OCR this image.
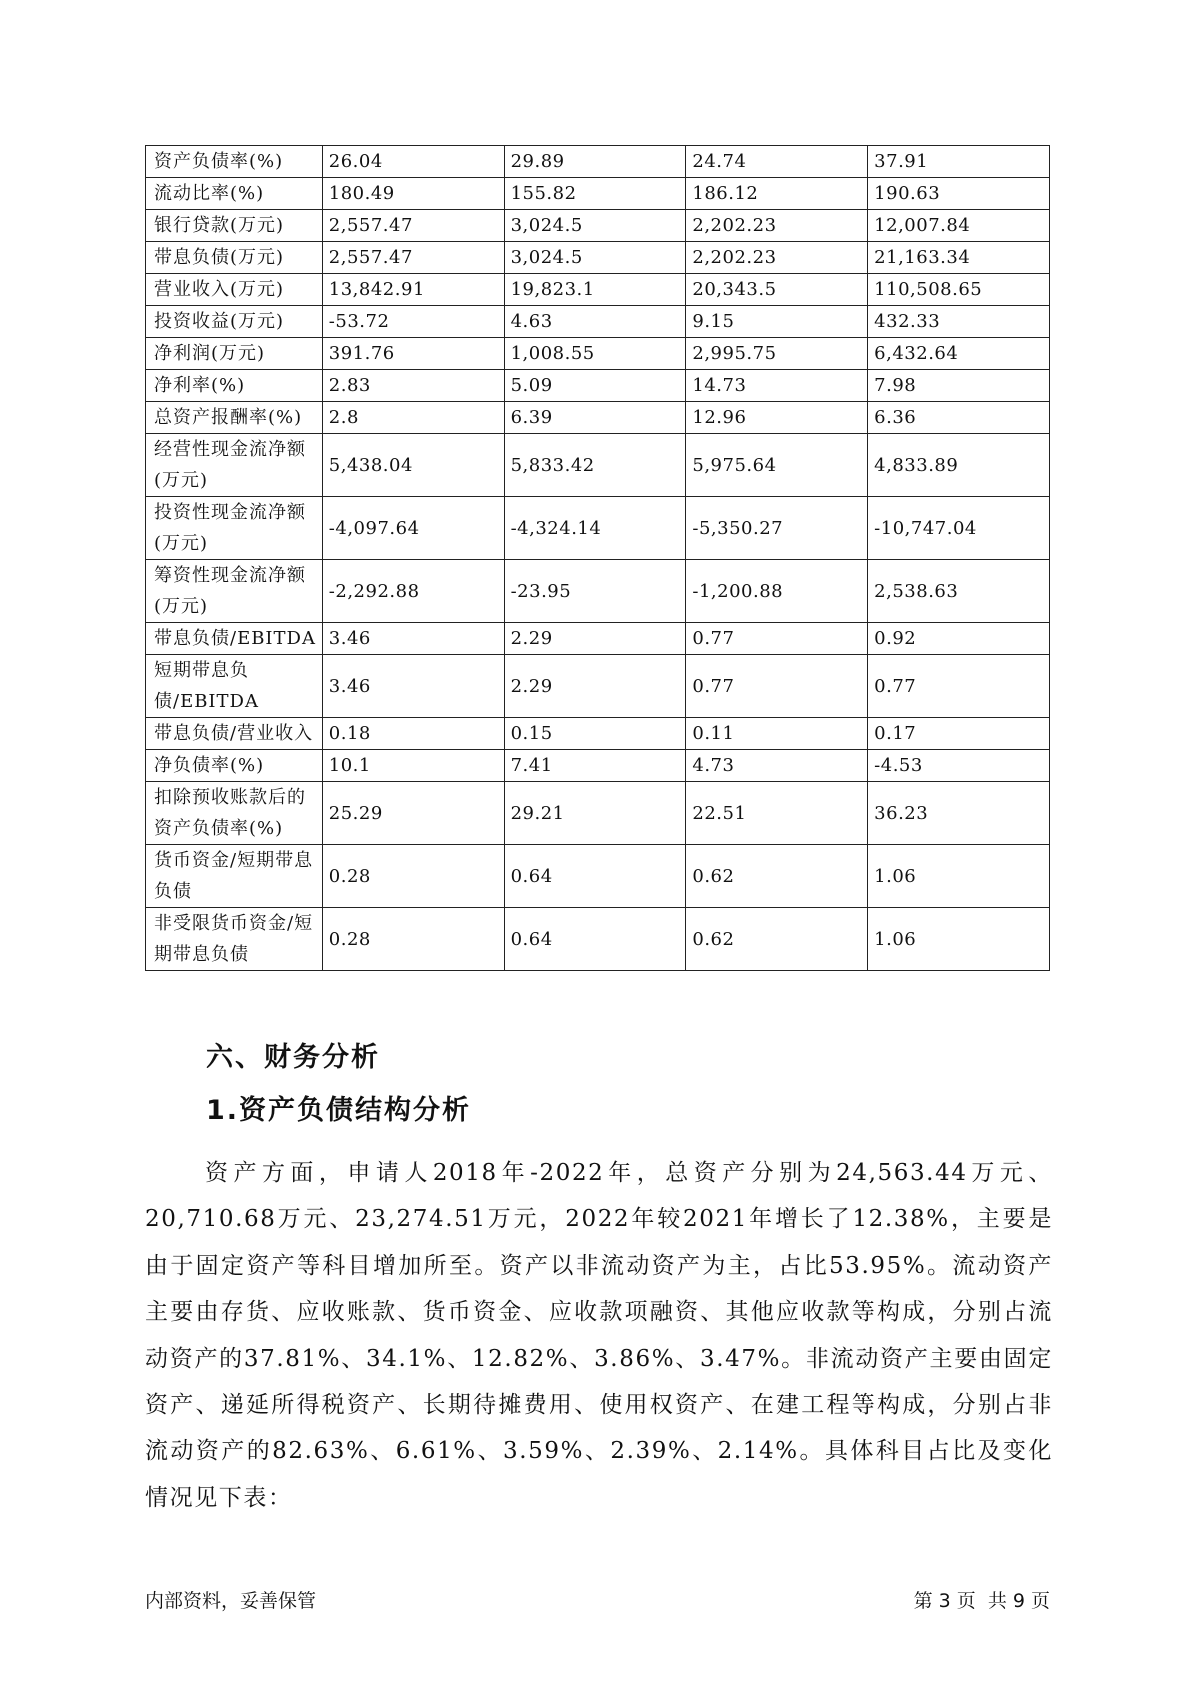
资产负债率(%)	26.04	29.89	24.74	37.91
流动比率(%)	180.49	155.82	186.12	190.63
银行贷款(万元)	2,557.47	3,024.5	2,202.23	12,007.84
带息负债(万元)	2,557.47	3,024.5	2,202.23	21,163.34
营业收入(万元)	13,842.91	19,823.1	20,343.5	110,508.65
投资收益(万元)	-53.72	4.63	9.15	432.33
净利润(万元)	391.76	1,008.55	2,995.75	6,432.64
净利率(%)	2.83	5.09	14.73	7.98
总资产报酬率(%)	2.8	6.39	12.96	6.36
经营性现金流净额(万元)	5,438.04	5,833.42	5,975.64	4,833.89
投资性现金流净额(万元)	-4,097.64	-4,324.14	-5,350.27	-10,747.04
筹资性现金流净额(万元)	-2,292.88	-23.95	-1,200.88	2,538.63
带息负债/EBITDA	3.46	2.29	0.77	0.92
短期带息负债/EBITDA	3.46	2.29	0.77	0.77
带息负债/营业收入	0.18	0.15	0.11	0.17
净负债率(%)	10.1	7.41	4.73	-4.53
扣除预收账款后的资产负债率(%)	25.29	29.21	22.51	36.23
货币资金/短期带息负债	0.28	0.64	0.62	1.06
非受限货币资金/短期带息负债	0.28	0.64	0.62	1.06
六、财务分析
1.资产负债结构分析

资产方面，申请人2018年-2022年，总资产分别为24,563.44万元、20,710.68万元、23,274.51万元，2022年较2021年增长了12.38%，主要是由于固定资产等科目增加所至。资产以非流动资产为主，占比53.95%。流动资产主要由存货、应收账款、货币资金、应收款项融资、其他应收款等构成，分别占流动资产的37.81%、34.1%、12.82%、3.86%、3.47%。非流动资产主要由固定资产、递延所得税资产、长期待摊费用、使用权资产、在建工程等构成，分别占非流动资产的82.63%、6.61%、3.59%、2.39%、2.14%。具体科目占比及变化情况见下表：

内部资料，妥善保管	第 3 页  共 9 页
